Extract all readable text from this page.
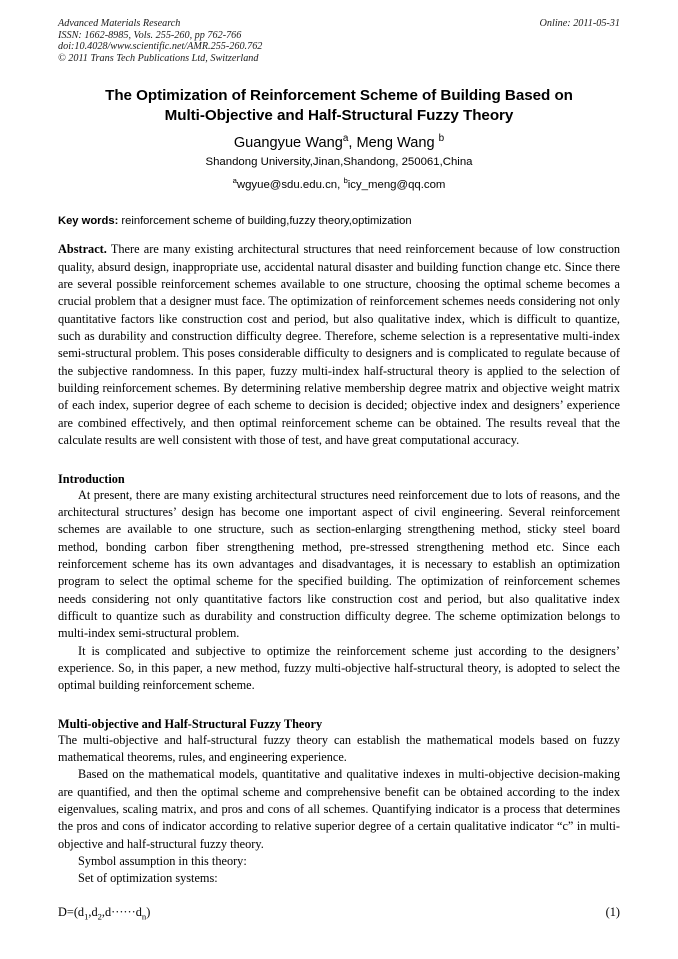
Online: 2011-05-31
Advanced Materials Research
ISSN: 1662-8985, Vols. 255-260, pp 762-766
doi:10.4028/www.scientific.net/AMR.255-260.762
© 2011 Trans Tech Publications Ltd, Switzerland
The Optimization of Reinforcement Scheme of Building Based on
Multi-Objective and Half-Structural Fuzzy Theory
Guangyue Wang$^a$, Meng Wang $^b$
Shandong University,Jinan,Shandong, 250061,China
$^a$wgyue@sdu.edu.cn, $^b$icy_meng@qq.com
Key words: reinforcement scheme of building,fuzzy theory,optimization
Abstract. There are many existing architectural structures that need reinforcement because of low construction quality, absurd design, inappropriate use, accidental natural disaster and building function change etc. Since there are several possible reinforcement schemes available to one structure, choosing the optimal scheme becomes a crucial problem that a designer must face. The optimization of reinforcement schemes needs considering not only quantitative factors like construction cost and period, but also qualitative index, which is difficult to quantize, such as durability and construction difficulty degree. Therefore, scheme selection is a representative multi-index semi-structural problem. This poses considerable difficulty to designers and is complicated to regulate because of the subjective randomness. In this paper, fuzzy multi-index half-structural theory is applied to the selection of building reinforcement schemes. By determining relative membership degree matrix and objective weight matrix of each index, superior degree of each scheme to decision is decided; objective index and designers’ experience are combined effectively, and then optimal reinforcement scheme can be obtained. The results reveal that the calculate results are well consistent with those of test, and have great computational accuracy.
Introduction

At present, there are many existing architectural structures need reinforcement due to lots of reasons, and the architectural structures’ design has become one important aspect of civil engineering. Several reinforcement schemes are available to one structure, such as section-enlarging strengthening method, sticky steel board method, bonding carbon fiber strengthening method, pre-stressed strengthening method etc. Since each reinforcement scheme has its own advantages and disadvantages, it is necessary to establish an optimization program to select the optimal scheme for the specified building. The optimization of reinforcement schemes needs considering not only quantitative factors like construction cost and period, but also qualitative index difficult to quantize such as durability and construction difficulty degree. The scheme optimization belongs to multi-index semi-structural problem.

It is complicated and subjective to optimize the reinforcement scheme just according to the designers’ experience. So, in this paper, a new method, fuzzy multi-objective half-structural theory, is adopted to select the optimal building reinforcement scheme.

Multi-objective and Half-Structural Fuzzy Theory

The multi-objective and half-structural fuzzy theory can establish the mathematical models based on fuzzy mathematical theorems, rules, and engineering experience.

Based on the mathematical models, quantitative and qualitative indexes in multi-objective decision-making are quantified, and then the optimal scheme and comprehensive benefit can be obtained according to the index eigenvalues, scaling matrix, and pros and cons of all schemes. Quantifying indicator is a process that determines the pros and cons of indicator according to relative superior degree of a certain qualitative indicator “c” in multi-objective and half-structural fuzzy theory.

Symbol assumption in this theory:

Set of optimization systems:

$D=(d_1,d_2,d\cdot\cdot\cdot\cdot\cdot\cdot d_n)$	(1)
